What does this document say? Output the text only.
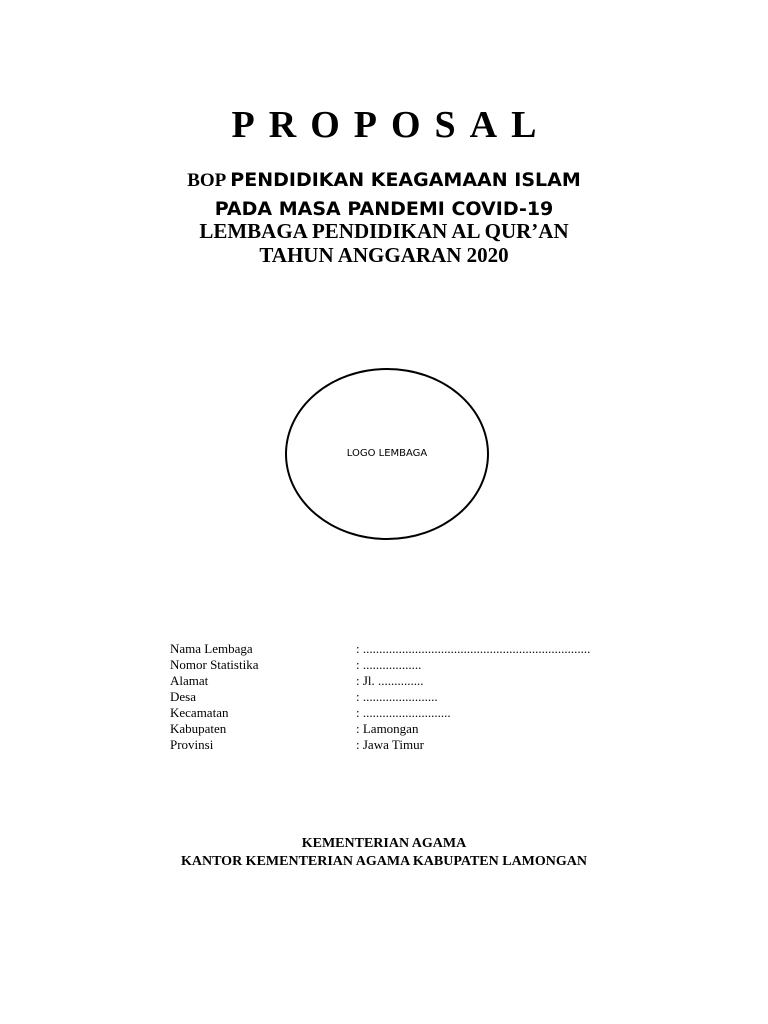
PROPOSAL
BOP PENDIDIKAN KEAGAMAAN ISLAM
PADA MASA PANDEMI COVID-19
LEMBAGA PENDIDIKAN AL QUR’AN
TAHUN ANGGARAN 2020
LOGO LEMBAGA
Nama Lembaga	: ......................................................................
Nomor Statistika	: ..................
Alamat	: Jl. ..............
Desa	: .......................
Kecamatan	: ...........................
Kabupaten	: Lamongan
Provinsi	: Jawa Timur
KEMENTERIAN AGAMA
KANTOR KEMENTERIAN AGAMA KABUPATEN LAMONGAN
